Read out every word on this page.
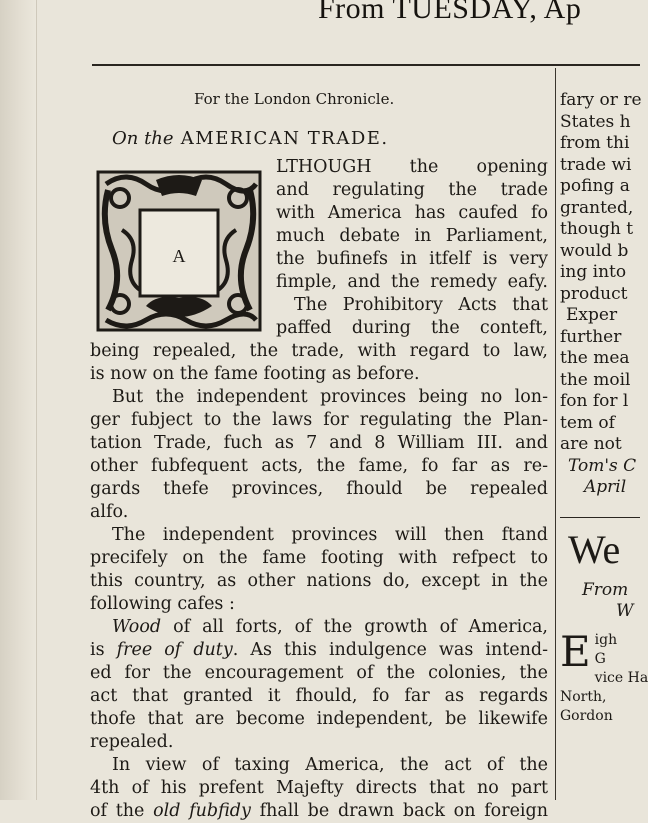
From TUESDAY, Ap
For the London Chronicle.
On the AMERICAN TRADE.
A
LTHOUGH the opening
and regulating the trade
with America has caufed fo
much debate in Parliament,
the bufinefs in itfelf is very
fimple, and the remedy eafy.
The Prohibitory Acts that
paffed during the conteft,
being repealed, the trade, with regard to law,
is now on the fame footing as before.
But the independent provinces being no lon-
ger fubject to the laws for regulating the Plan-
tation Trade, fuch as 7 and 8 William III. and
other fubfequent acts, the fame, fo far as re-
gards thefe provinces, fhould be repealed
alfo.
The independent provinces will then ftand
precifely on the fame footing with refpect to
this country, as other nations do, except in the
following cafes :
Wood of all forts, of the growth of America,
is free of duty. As this indulgence was intend-
ed for the encouragement of the colonies, the
act that granted it fhould, fo far as regards
thofe that are become independent, be likewife
repealed.
In view of taxing America, the act of the
4th of his prefent Majefty directs that no part
of the old fubfidy fhall be drawn back on foreign
fary or re
States h
from thi
trade wi
pofing a
granted,
though t
would b
ing into
product
Exper
further
the mea
the moil
fon for l
tem of
are not
Tom's C
April
We
From
W
E igh
G
vice Ha
North,
Gordon
